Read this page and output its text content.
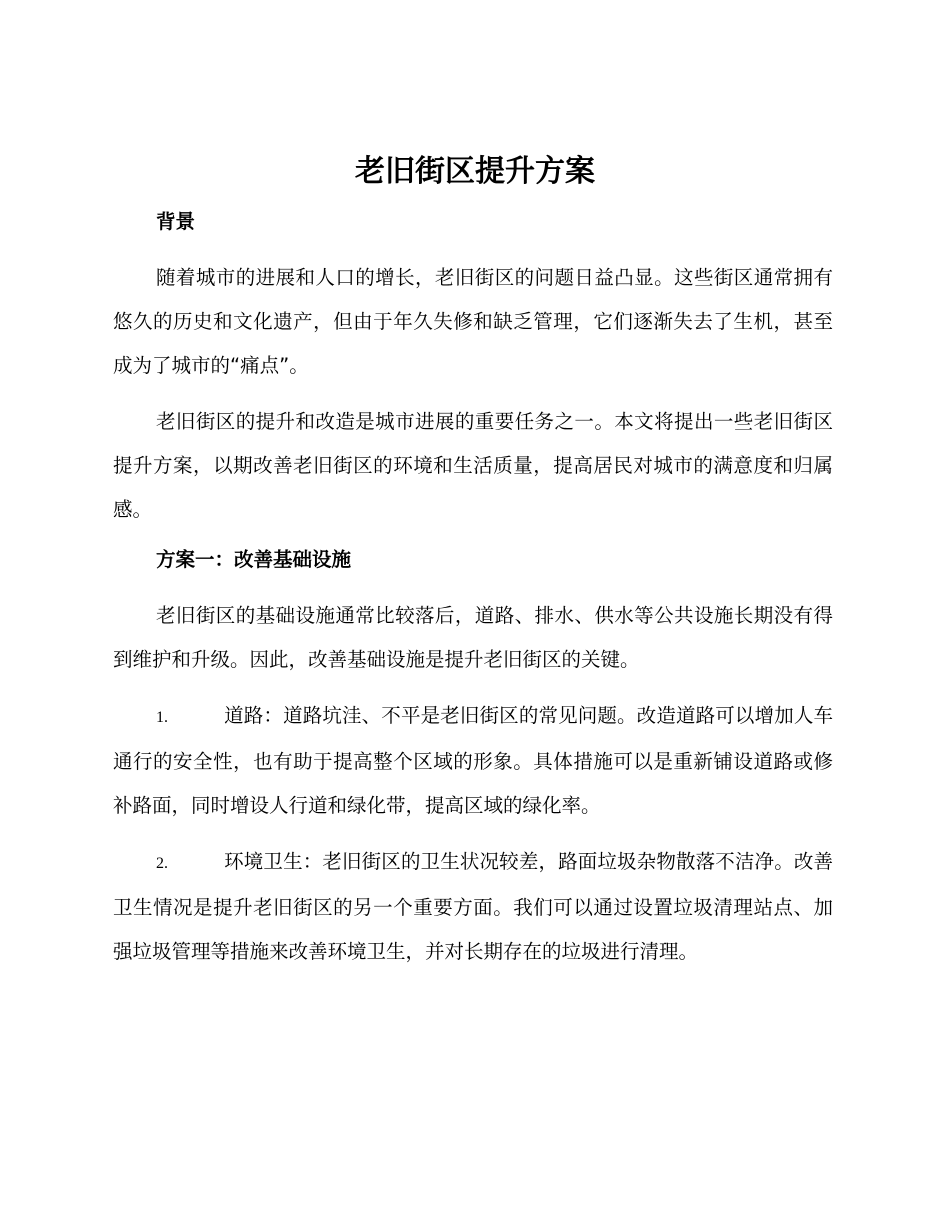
老旧街区提升方案
背景

随着城市的进展和人口的增长，老旧街区的问题日益凸显。这些街区通常拥有悠久的历史和文化遗产，但由于年久失修和缺乏管理，它们逐渐失去了生机，甚至成为了城市的“痛点”。

老旧街区的提升和改造是城市进展的重要任务之一。本文将提出一些老旧街区提升方案，以期改善老旧街区的环境和生活质量，提高居民对城市的满意度和归属感。

方案一：改善基础设施

老旧街区的基础设施通常比较落后，道路、排水、供水等公共设施长期没有得到维护和升级。因此，改善基础设施是提升老旧街区的关键。

1.	道路：道路坑洼、不平是老旧街区的常见问题。改造道路可以增加人车通行的安全性，也有助于提高整个区域的形象。具体措施可以是重新铺设道路或修补路面，同时增设人行道和绿化带，提高区域的绿化率。

2.	环境卫生：老旧街区的卫生状况较差，路面垃圾杂物散落不洁净。改善卫生情况是提升老旧街区的另一个重要方面。我们可以通过设置垃圾清理站点、加强垃圾管理等措施来改善环境卫生，并对长期存在的垃圾进行清理。
